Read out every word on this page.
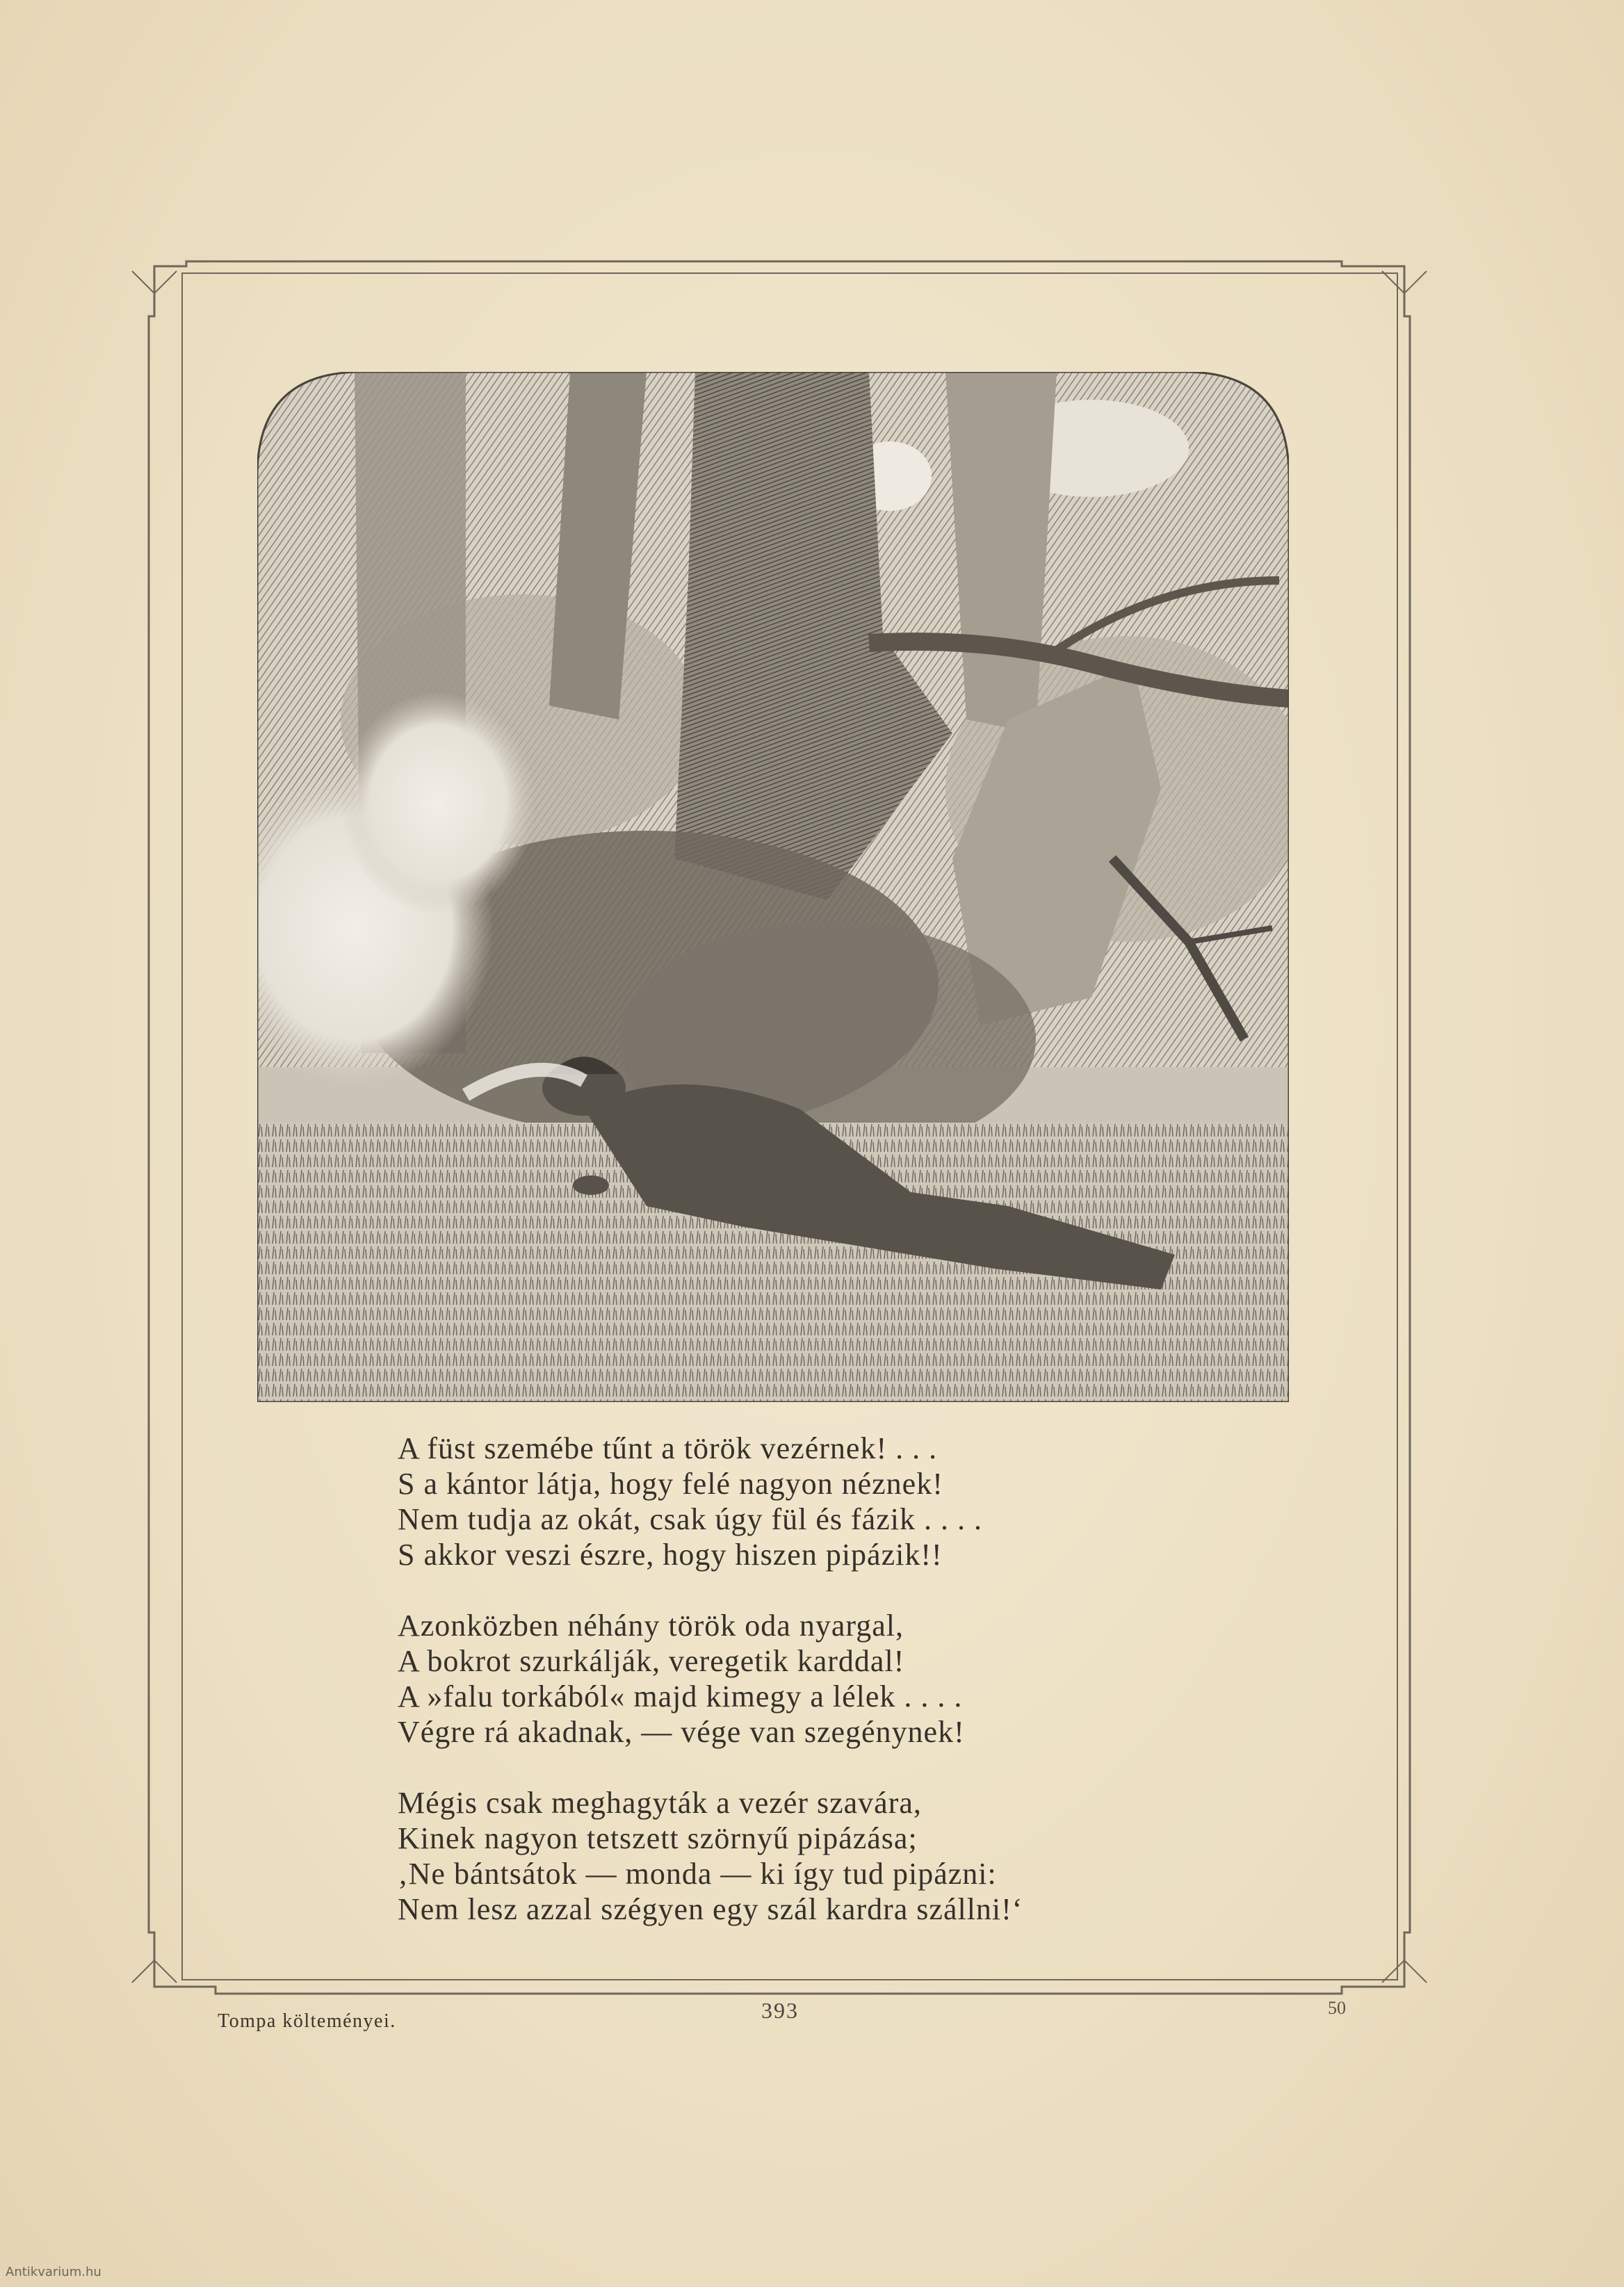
A füst szemébe tűnt a török vezérnek! . . .
S a kántor látja, hogy felé nagyon néznek!
Nem tudja az okát, csak úgy fül és fázik . . . .
S akkor veszi észre, hogy hiszen pipázik!!
Azonközben néhány török oda nyargal,
A bokrot szurkálják, veregetik karddal!
A »falu torkából« majd kimegy a lélek . . . .
Végre rá akadnak, — vége van szegénynek!
Mégis csak meghagyták a vezér szavára,
Kinek nagyon tetszett szörnyű pipázása;
‚Ne bántsátok — monda — ki így tud pipázni:
Nem lesz azzal szégyen egy szál kardra szállni!‘
Tompa költeményei.	393	50
Antikvarium.hu
